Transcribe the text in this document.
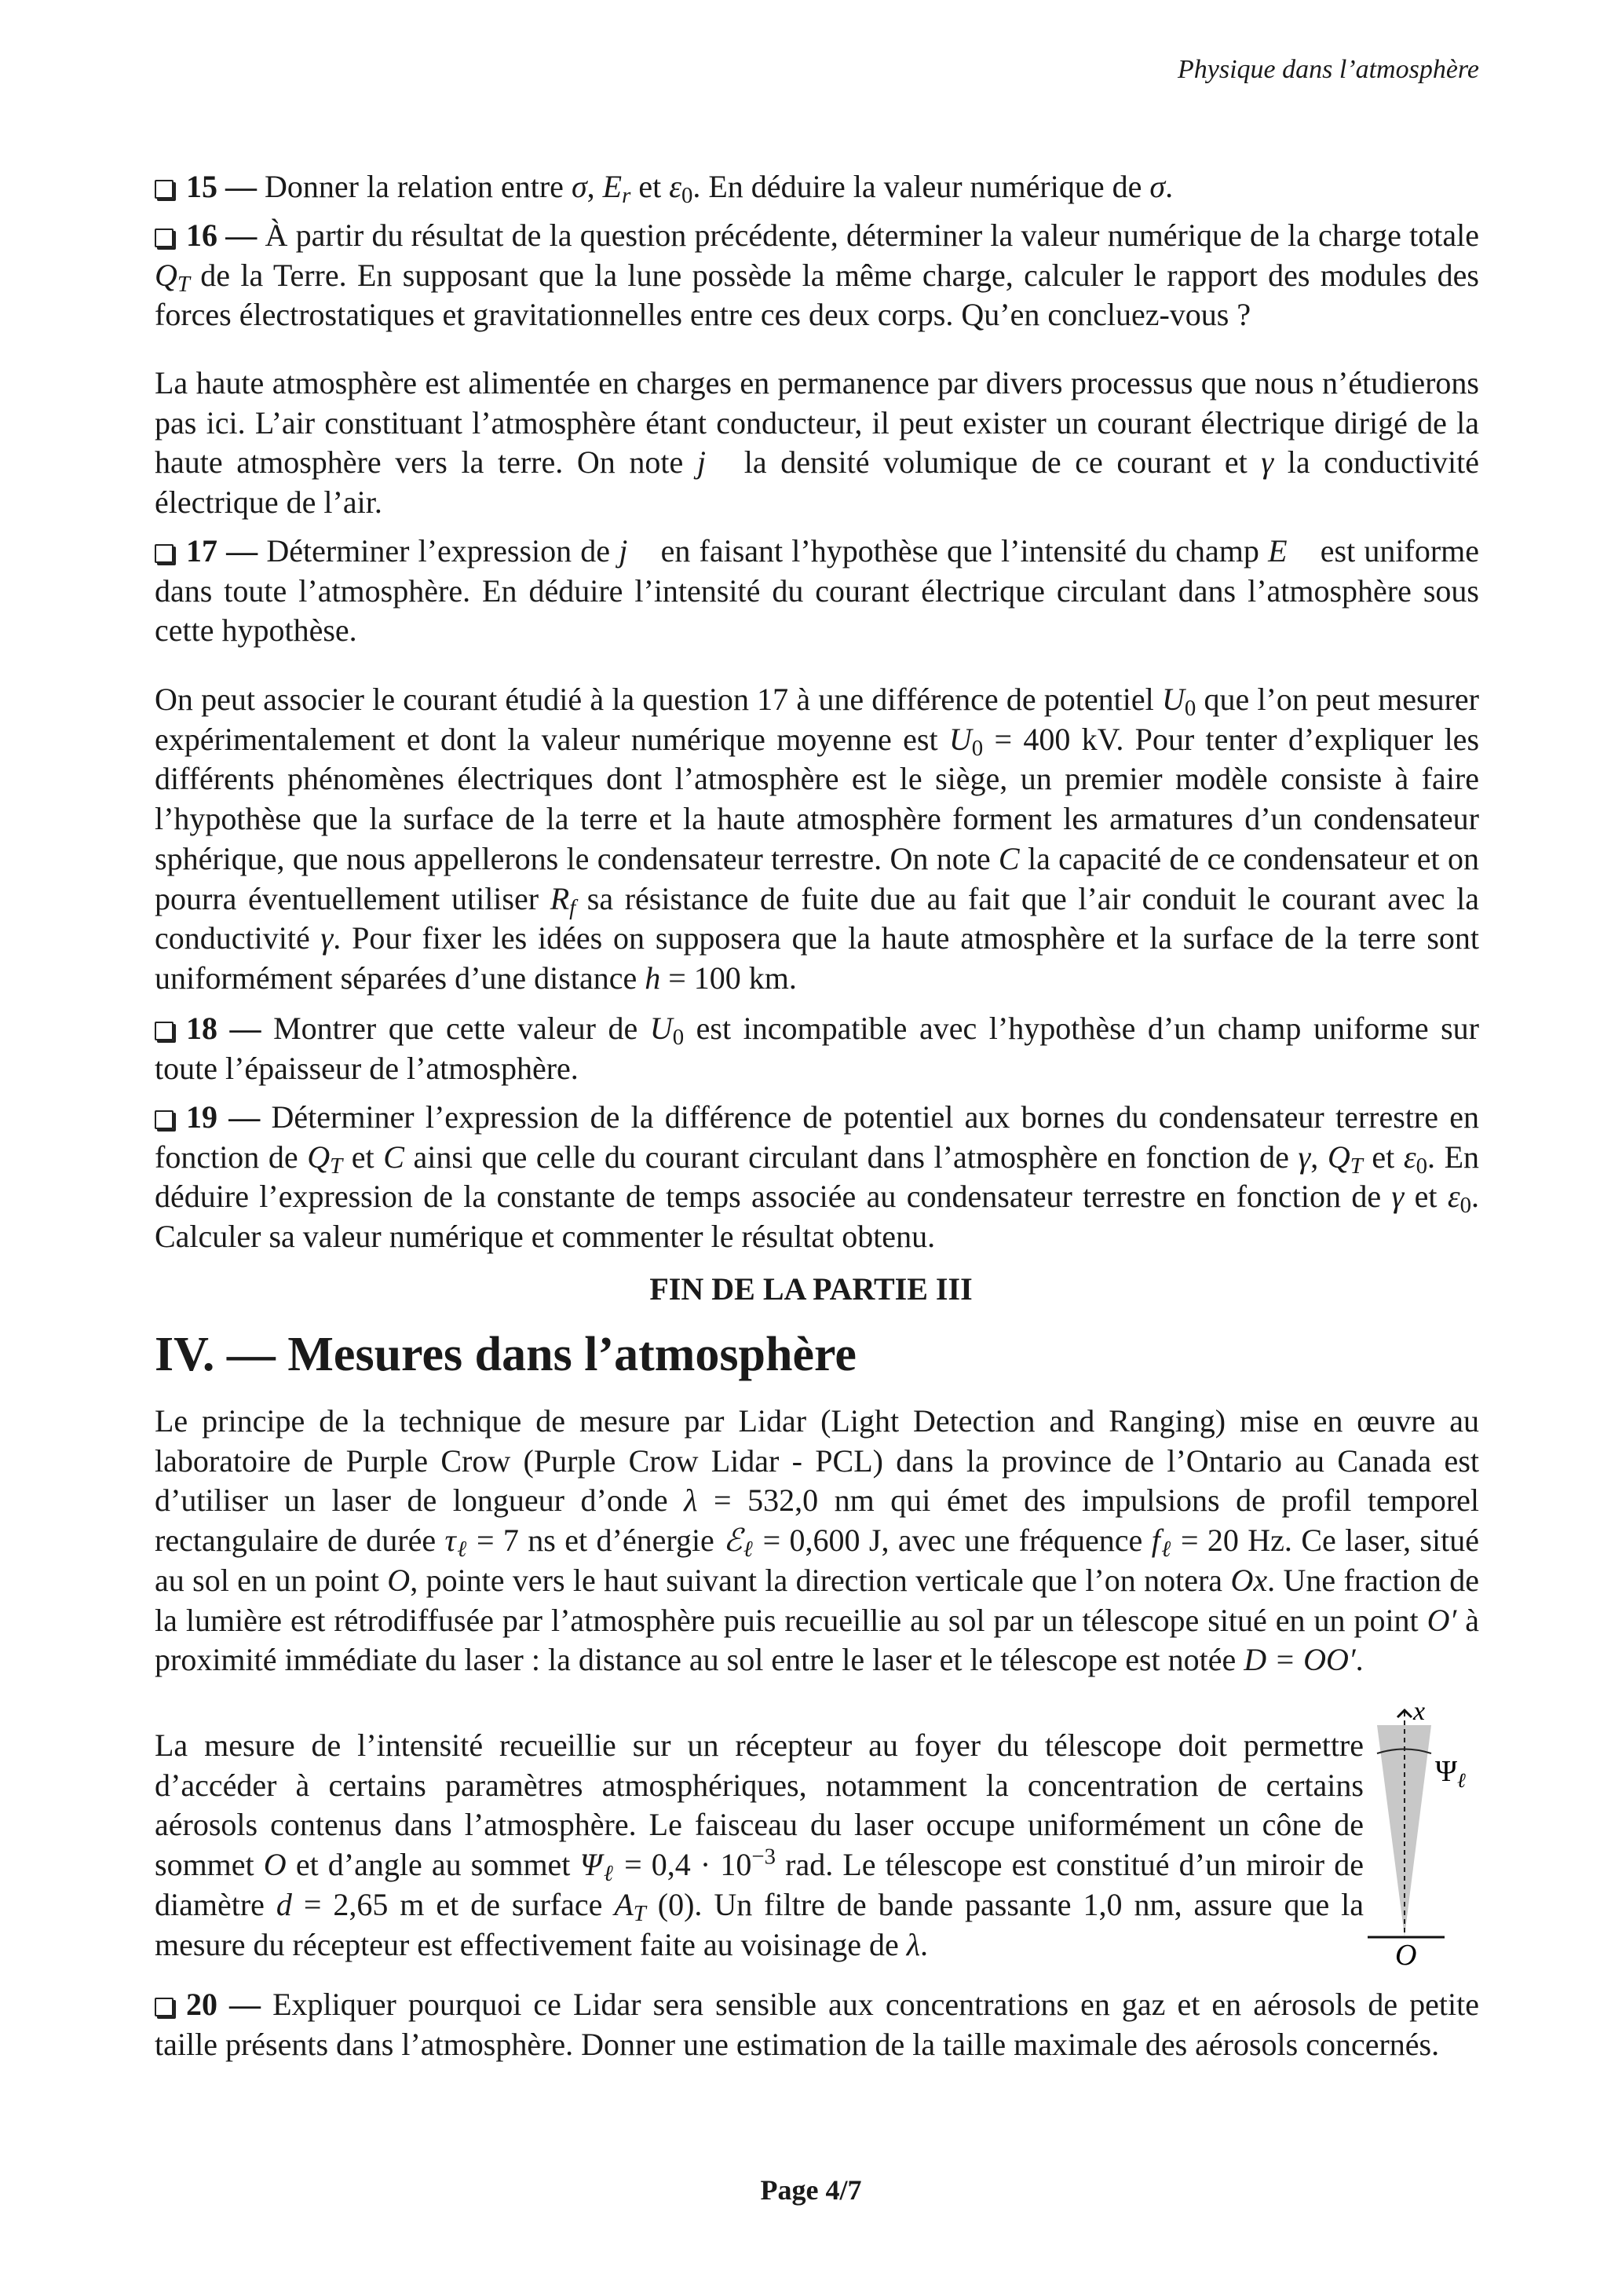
Physique dans l’atmosphère
15 — Donner la relation entre σ, $E_r$ et $\varepsilon_0$. En déduire la valeur numérique de σ.
16 — À partir du résultat de la question précédente, déterminer la valeur numérique de la charge totale $Q_T$ de la Terre. En supposant que la lune possède la même charge, calculer le rapport des modules des forces électrostatiques et gravitationnelles entre ces deux corps. Qu’en concluez-vous ?
La haute atmosphère est alimentée en charges en permanence par divers processus que nous n’étudierons pas ici. L’air constituant l’atmosphère étant conducteur, il peut exister un courant électrique dirigé de la haute atmosphère vers la terre. On note j⃗ la densité volumique de ce courant et γ la conductivité électrique de l’air.
17 — Déterminer l’expression de j⃗ en faisant l’hypothèse que l’intensité du champ E⃗ est uniforme dans toute l’atmosphère. En déduire l’intensité du courant électrique circulant dans l’atmosphère sous cette hypothèse.
On peut associer le courant étudié à la question 17 à une différence de potentiel $U_0$ que l’on peut mesurer expérimentalement et dont la valeur numérique moyenne est $U_0 = 400$ kV. Pour tenter d’expliquer les différents phénomènes électriques dont l’atmosphère est le siège, un premier modèle consiste à faire l’hypothèse que la surface de la terre et la haute atmosphère forment les armatures d’un condensateur sphérique, que nous appellerons le condensateur terrestre. On note C la capacité de ce condensateur et on pourra éventuellement utiliser $R_f$ sa résistance de fuite due au fait que l’air conduit le courant avec la conductivité γ. Pour fixer les idées on supposera que la haute atmosphère et la surface de la terre sont uniformément séparées d’une distance h = 100 km.
18 — Montrer que cette valeur de $U_0$ est incompatible avec l’hypothèse d’un champ uniforme sur toute l’épaisseur de l’atmosphère.
19 — Déterminer l’expression de la différence de potentiel aux bornes du condensateur terrestre en fonction de $Q_T$ et C ainsi que celle du courant circulant dans l’atmosphère en fonction de γ, $Q_T$ et $\varepsilon_0$. En déduire l’expression de la constante de temps associée au condensateur terrestre en fonction de γ et $\varepsilon_0$. Calculer sa valeur numérique et commenter le résultat obtenu.
Le principe de la technique de mesure par Lidar (Light Detection and Ranging) mise en œuvre au laboratoire de Purple Crow (Purple Crow Lidar - PCL) dans la province de l’Ontario au Canada est d’utiliser un laser de longueur d’onde λ = 532,0 nm qui émet des impulsions de profil temporel rectangulaire de durée $\tau_\ell = 7$ ns et d’énergie ℰ$_\ell$ = 0,600 J, avec une fréquence $f_\ell = 20$ Hz. Ce laser, situé au sol en un point O, pointe vers le haut suivant la direction verticale que l’on notera Ox. Une fraction de la lumière est rétrodiffusée par l’atmosphère puis recueillie au sol par un télescope situé en un point O′ à proximité immédiate du laser : la distance au sol entre le laser et le télescope est notée D = OO′.
La mesure de l’intensité recueillie sur un récepteur au foyer du télescope doit permettre d’accéder à certains paramètres atmosphériques, notamment la concentration de certains aérosols contenus dans l’atmosphère. Le faisceau du laser occupe uniformément un cône de sommet O et d’angle au sommet $\Psi_\ell = 0,4 \cdot 10^{-3}$ rad. Le télescope est constitué d’un miroir de diamètre d = 2,65 m et de surface $A_T$ (0). Un filtre de bande passante 1,0 nm, assure que la mesure du récepteur est effectivement faite au voisinage de λ.
20 — Expliquer pourquoi ce Lidar sera sensible aux concentrations en gaz et en aérosols de petite taille présents dans l’atmosphère. Donner une estimation de la taille maximale des aérosols concernés.
FIN DE LA PARTIE III
IV. — Mesures dans l’atmosphère
x
$\Psi_\ell$
O
Page 4/7
